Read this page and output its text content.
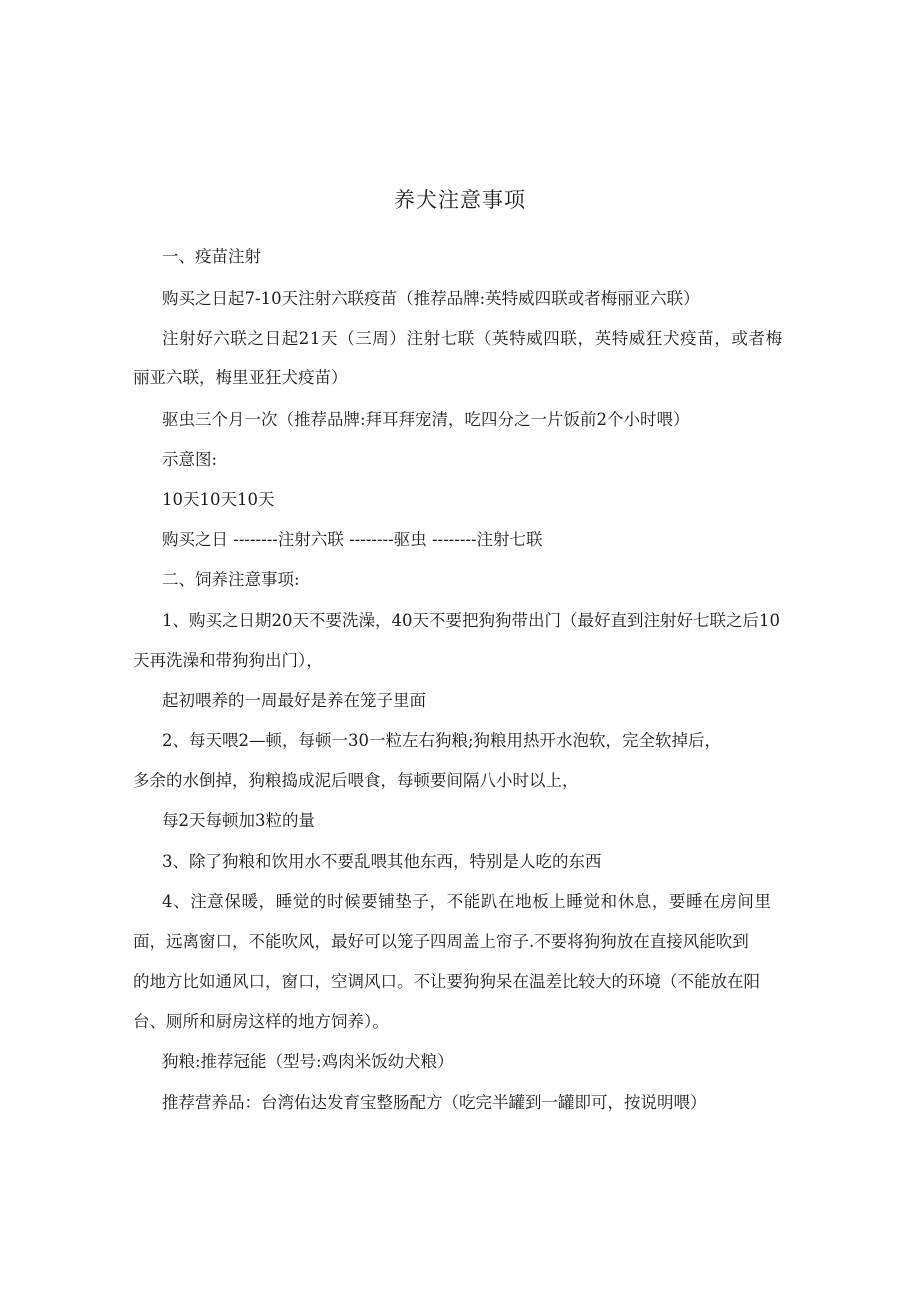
养犬注意事项
一、疫苗注射
购买之日起7-10天注射六联疫苗（推荐品牌:英特威四联或者梅丽亚六联）
注射好六联之日起21天（三周）注射七联（英特威四联，英特威狂犬疫苗，或者梅
丽亚六联，梅里亚狂犬疫苗）
驱虫三个月一次（推荐品牌:拜耳拜宠清，吃四分之一片饭前2个小时喂）
示意图:
10天10天10天
购买之日 --------注射六联 --------驱虫 --------注射七联
二、饲养注意事项:
1、购买之日期20天不要洗澡，40天不要把狗狗带出门（最好直到注射好七联之后10
天再洗澡和带狗狗出门），
起初喂养的一周最好是养在笼子里面
2、每天喂2—顿，每顿一30一粒左右狗粮;狗粮用热开水泡软，完全软掉后，
多余的水倒掉，狗粮捣成泥后喂食，每顿要间隔八小时以上，
每2天每顿加3粒的量
3、除了狗粮和饮用水不要乱喂其他东西，特别是人吃的东西
4、注意保暖，睡觉的时候要铺垫子，不能趴在地板上睡觉和休息，要睡在房间里
面，远离窗口，不能吹风，最好可以笼子四周盖上帘子.不要将狗狗放在直接风能吹到
的地方比如通风口，窗口，空调风口。不让要狗狗呆在温差比较大的环境（不能放在阳
台、厕所和厨房这样的地方饲养）。
狗粮:推荐冠能（型号:鸡肉米饭幼犬粮）
推荐营养品：台湾佑达发育宝整肠配方（吃完半罐到一罐即可，按说明喂）
